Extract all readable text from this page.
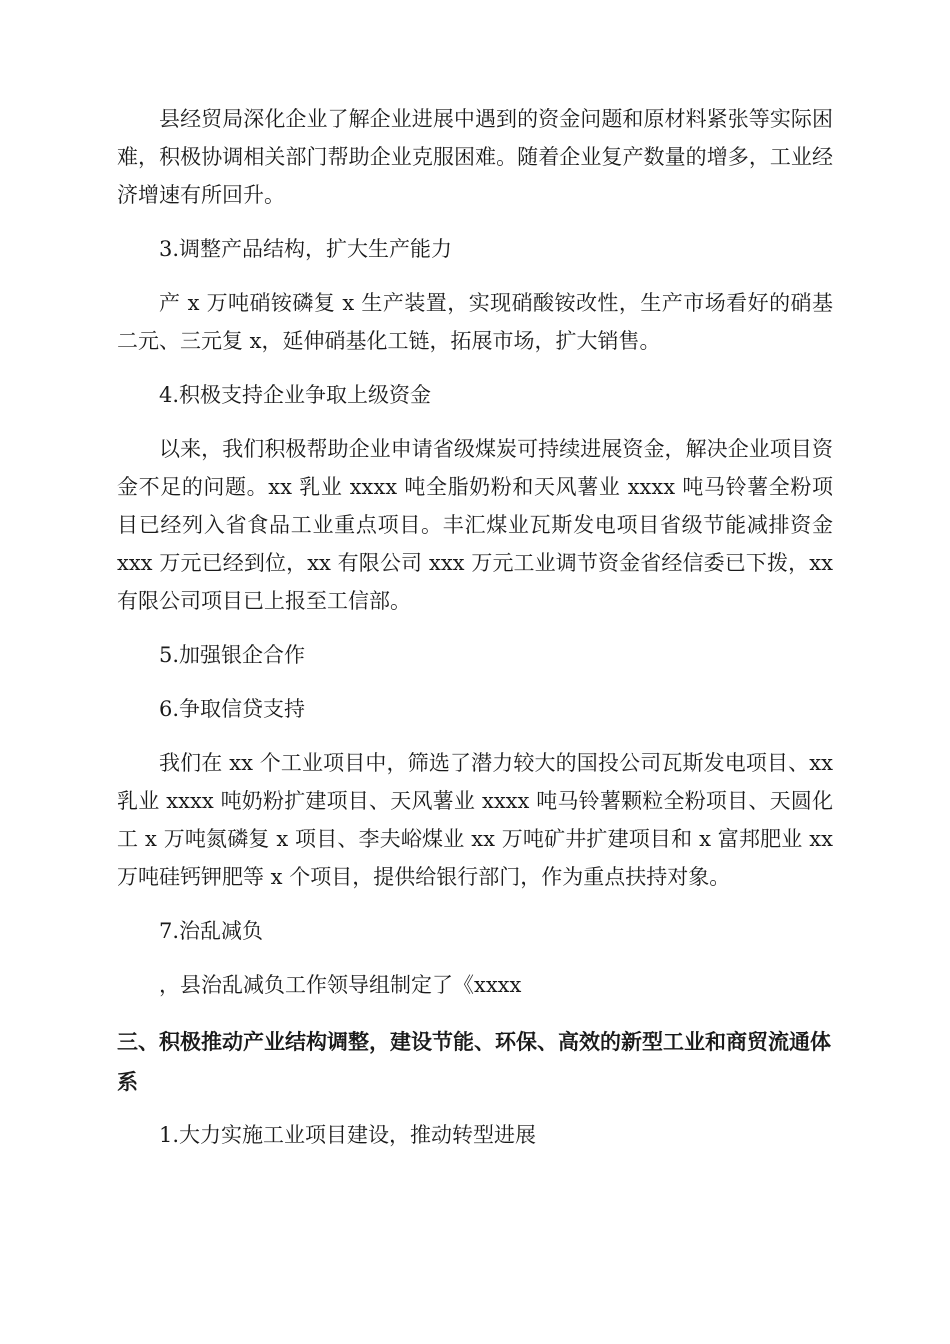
县经贸局深化企业了解企业进展中遇到的资金问题和原材料紧张等实际困难，积极协调相关部门帮助企业克服困难。随着企业复产数量的增多，工业经济增速有所回升。

3.调整产品结构，扩大生产能力

产 x 万吨硝铵磷复 x 生产装置，实现硝酸铵改性，生产市场看好的硝基二元、三元复 x，延伸硝基化工链，拓展市场，扩大销售。

4.积极支持企业争取上级资金

以来，我们积极帮助企业申请省级煤炭可持续进展资金，解决企业项目资金不足的问题。xx 乳业 xxxx 吨全脂奶粉和天风薯业 xxxx 吨马铃薯全粉项目已经列入省食品工业重点项目。丰汇煤业瓦斯发电项目省级节能减排资金 xxx 万元已经到位，xx 有限公司 xxx 万元工业调节资金省经信委已下拨，xx 有限公司项目已上报至工信部。

5.加强银企合作

6.争取信贷支持

我们在 xx 个工业项目中，筛选了潜力较大的国投公司瓦斯发电项目、xx 乳业 xxxx 吨奶粉扩建项目、天风薯业 xxxx 吨马铃薯颗粒全粉项目、天圆化工 x 万吨氮磷复 x 项目、李夫峪煤业 xx 万吨矿井扩建项目和 x 富邦肥业 xx 万吨硅钙钾肥等 x 个项目，提供给银行部门，作为重点扶持对象。

7.治乱减负

，县治乱减负工作领导组制定了《xxxx

三、积极推动产业结构调整，建设节能、环保、高效的新型工业和商贸流通体系

1.大力实施工业项目建设，推动转型进展
